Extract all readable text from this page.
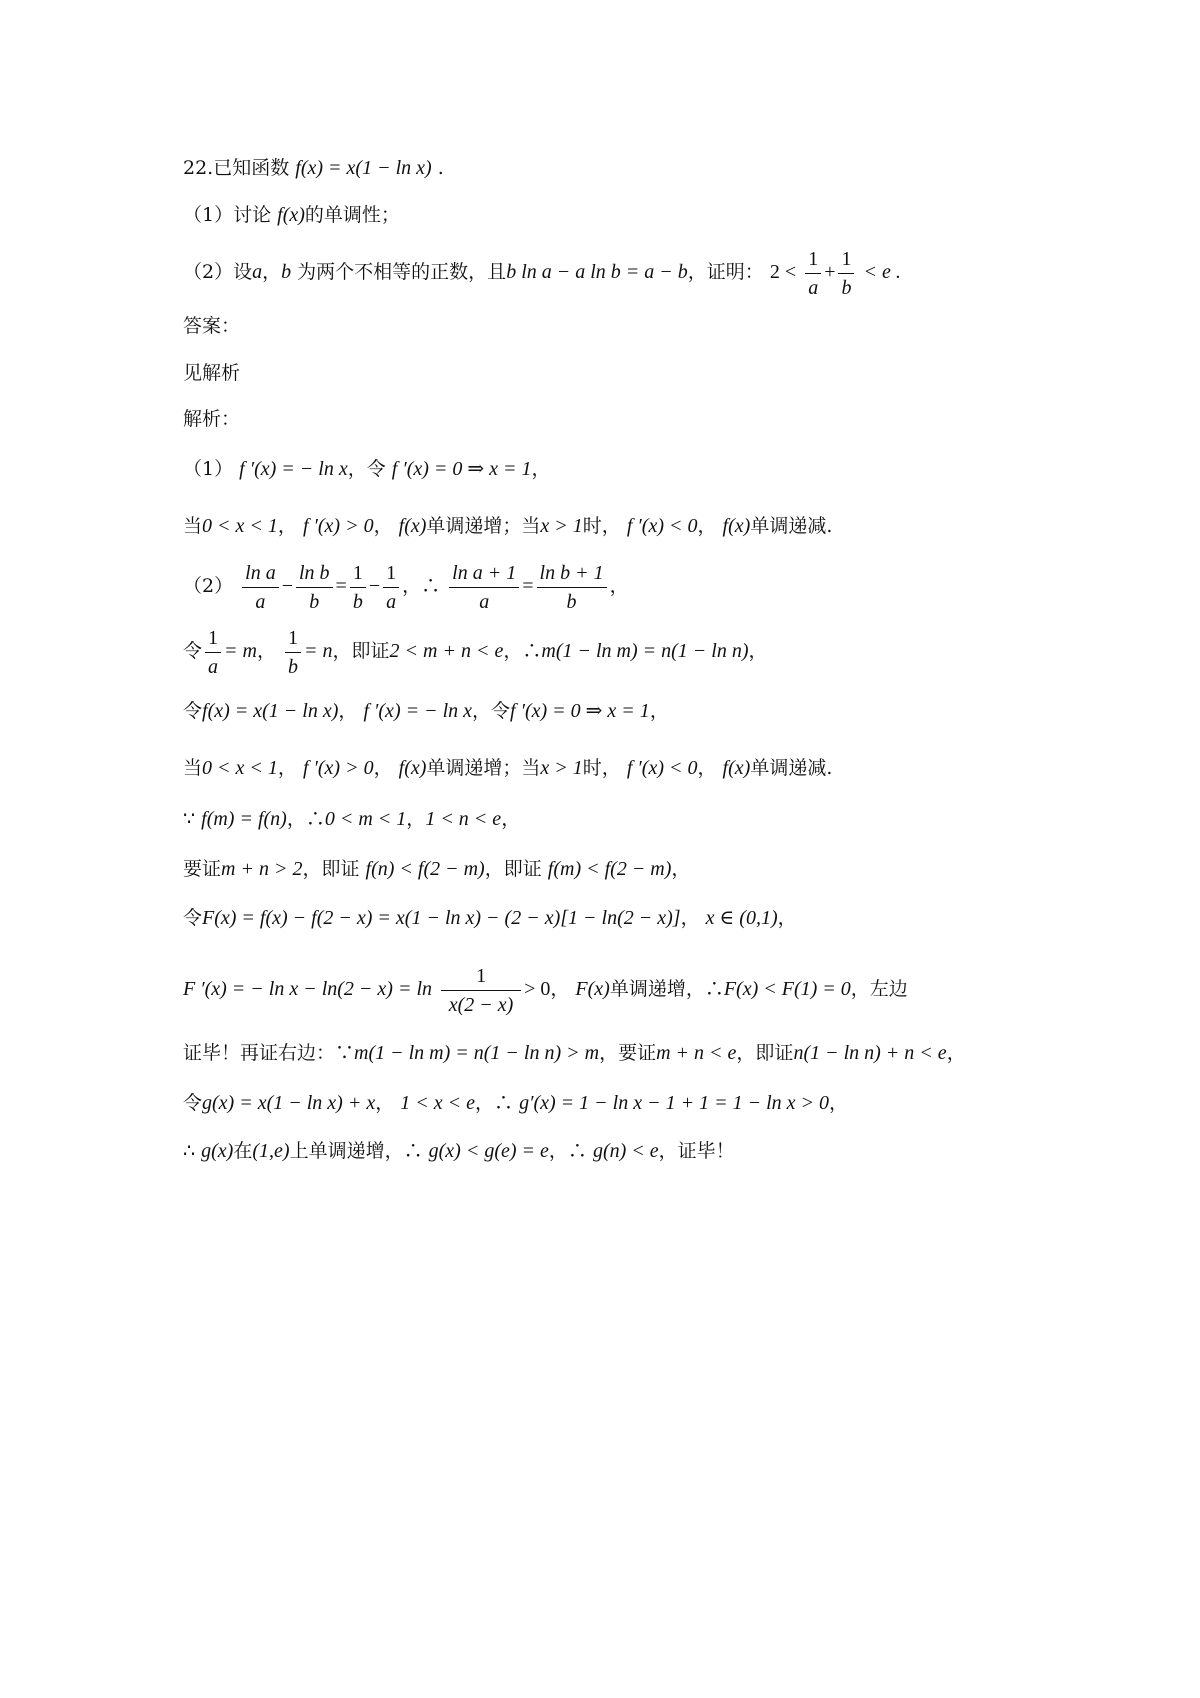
22.已知函数 f(x) = x(1 − ln x) .
（1）讨论 f(x)的单调性；
（2）设a，b 为两个不相等的正数，且b ln a − a ln b = a − b，证明： $2 < \frac{1}{a} + \frac{1}{b} < e$ .
答案：
见解析
解析：
（1） f ′(x) = − ln x，令 f ′(x) = 0 ⇒ x = 1，
当0 < x < 1， f ′(x) > 0， f(x)单调递增；当x > 1时， f ′(x) < 0， f(x)单调递减.
$(2) \frac{\text{ln a}}{a} - \frac{\text{ln b}}{b} = \frac{1}{b} - \frac{1}{a}$ ，∴ $\frac{\text{ln a + 1}}{a} = \frac{\text{ln b + 1}}{b}$ ，
令 $\frac{1}{a} = m$， $\frac{1}{b} = n$，即证2 < m + n < e，∴m(1 − ln m) = n(1 − ln n)，
令f(x) = x(1 − ln x)， f ′(x) = − ln x，令f ′(x) = 0 ⇒ x = 1，
当0 < x < 1， f ′(x) > 0， f(x)单调递增；当x > 1时， f ′(x) < 0， f(x)单调递减.
∵ f(m) = f(n)，∴0 < m < 1，1 < n < e，
要证m + n > 2，即证 f(n) < f(2 − m)，即证 f(m) < f(2 − m)，
令F(x) = f(x) − f(2 − x) = x(1 − ln x) − (2 − x)[1 − ln(2 − x)]， x ∈ (0,1)，
F ′(x) = − $\ln x - \ln(2 - x) = \ln \frac{1}{x(2 - x)} > 0$， F(x)单调递增，∴F(x) < F(1) = 0，左边
证毕！再证右边：∵m(1 − ln m) = n(1 − ln n) > m，要证m + n < e，即证n(1 − ln n) + n < e，
令g(x) = x(1 − ln x) + x， 1 < x < e，∴ g′(x) = 1 − ln x − 1 + 1 = 1 − ln x > 0，
∴ g(x)在(1,e)上单调递增，∴ g(x) < g(e) = e，∴ g(n) < e，证毕！
